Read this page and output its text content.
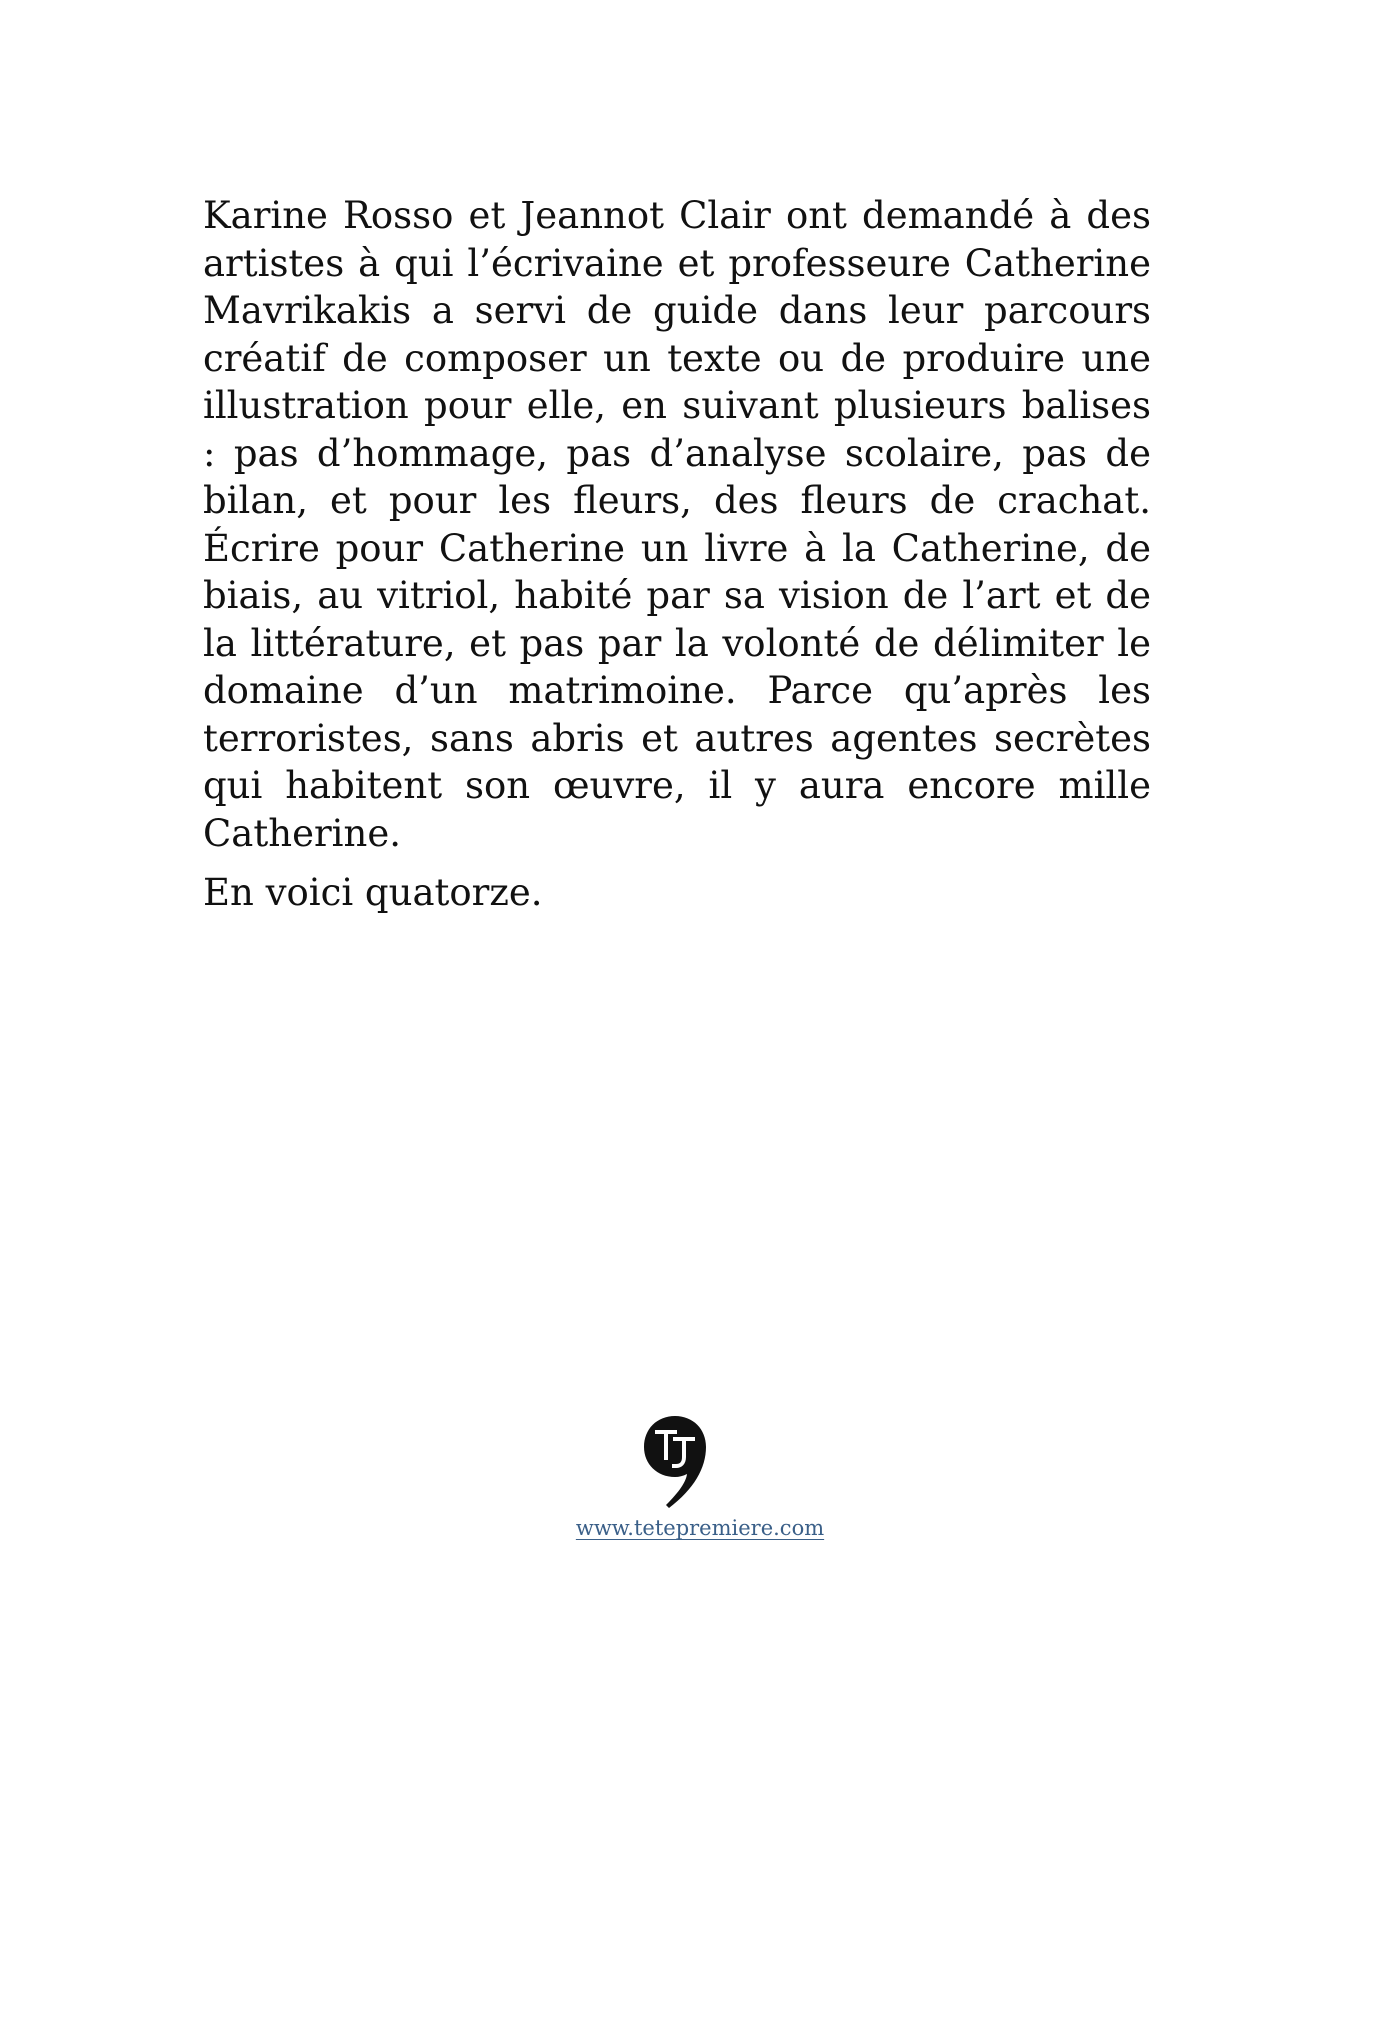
Karine Rosso et Jeannot Clair ont demandé à des artistes à qui l’écrivaine et professeure Catherine Mavrikakis a servi de guide dans leur parcours créatif de composer un texte ou de produire une illustration pour elle, en suivant plusieurs balises : pas d’hommage, pas d’analyse scolaire, pas de bilan, et pour les fleurs, des fleurs de crachat. Écrire pour Catherine un livre à la Catherine, de biais, au vitriol, habité par sa vision de l’art et de la littérature, et pas par la volonté de délimiter le domaine d’un matrimoine. Parce qu’après les terroristes, sans abris et autres agentes secrètes qui habitent son œuvre, il y aura encore mille Catherine.

En voici quatorze.

www.tetepremiere.com
